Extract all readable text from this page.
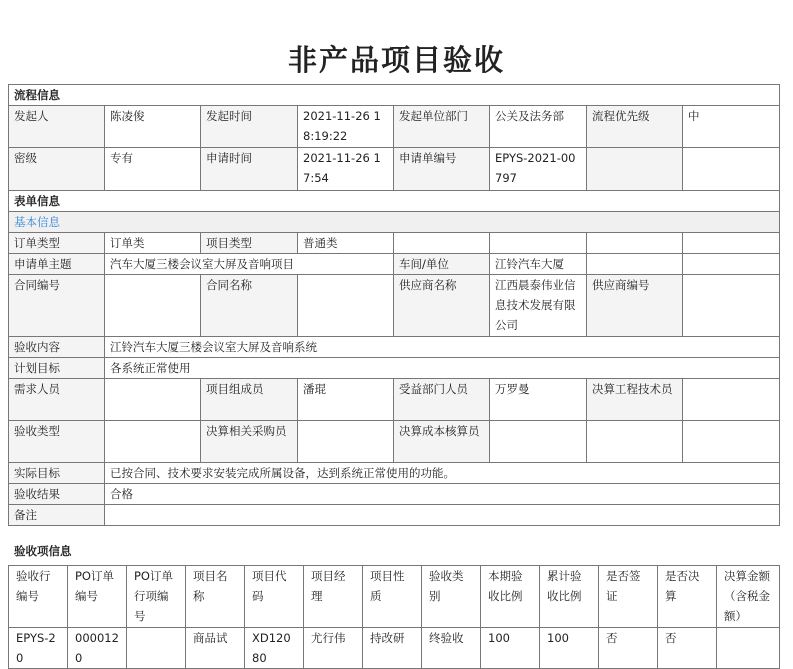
非产品项目验收
流程信息							
发起人	陈凌俊	发起时间	2021-11-26 18:19:22	发起单位部门	公关及法务部	流程优先级	中
密级	专有	申请时间	2021-11-26 17:54	申请单编号	EPYS-2021-00797		
表单信息							
基本信息							
订单类型	订单类	项目类型	普通类				
申请单主题	汽车大厦三楼会议室大屏及音响项目			车间/单位	江铃汽车大厦		
合同编号		合同名称		供应商名称	江西晨泰伟业信息技术发展有限公司	供应商编号	
验收内容	江铃汽车大厦三楼会议室大屏及音响系统						
计划目标	各系统正常使用						
需求人员		项目组成员	潘琨	受益部门人员	万罗曼	决算工程技术员	
验收类型		决算相关采购员		决算成本核算员			
实际目标	已按合同、技术要求安装完成所属设备，达到系统正常使用的功能。						
验收结果	合格						
备注							
验收项信息
验收行编号	PO订单编号	PO订单行项编号	项目名称	项目代码	项目经理	项目性质	验收类别	本期验收比例	累计验收比例	是否签证	是否决算	决算金额（含税金额）
EPYS-20	0000120		商品试	XD12080	尤行伟	持改研	终验收	100	100	否	否	
